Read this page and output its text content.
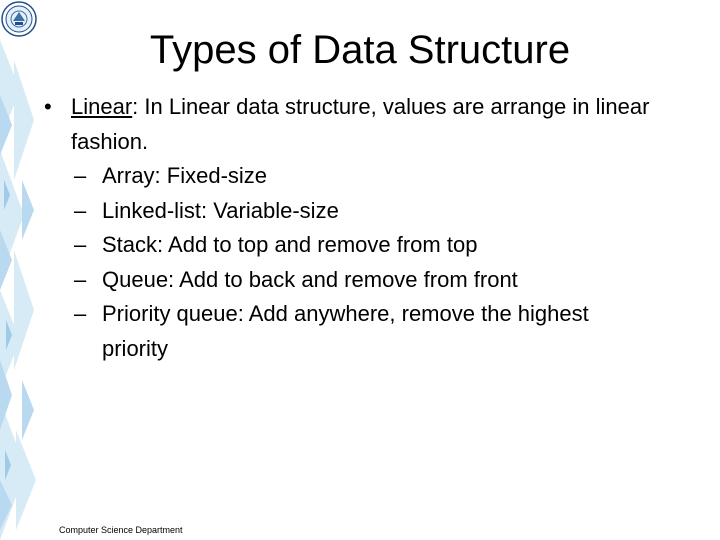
Types of Data Structure
• Linear: In Linear data structure, values are arrange in linear fashion.
– Array: Fixed-size
– Linked-list: Variable-size
– Stack: Add to top and remove from top
– Queue: Add to back and remove from front
– Priority queue: Add anywhere, remove the highest priority
Computer Science Department
